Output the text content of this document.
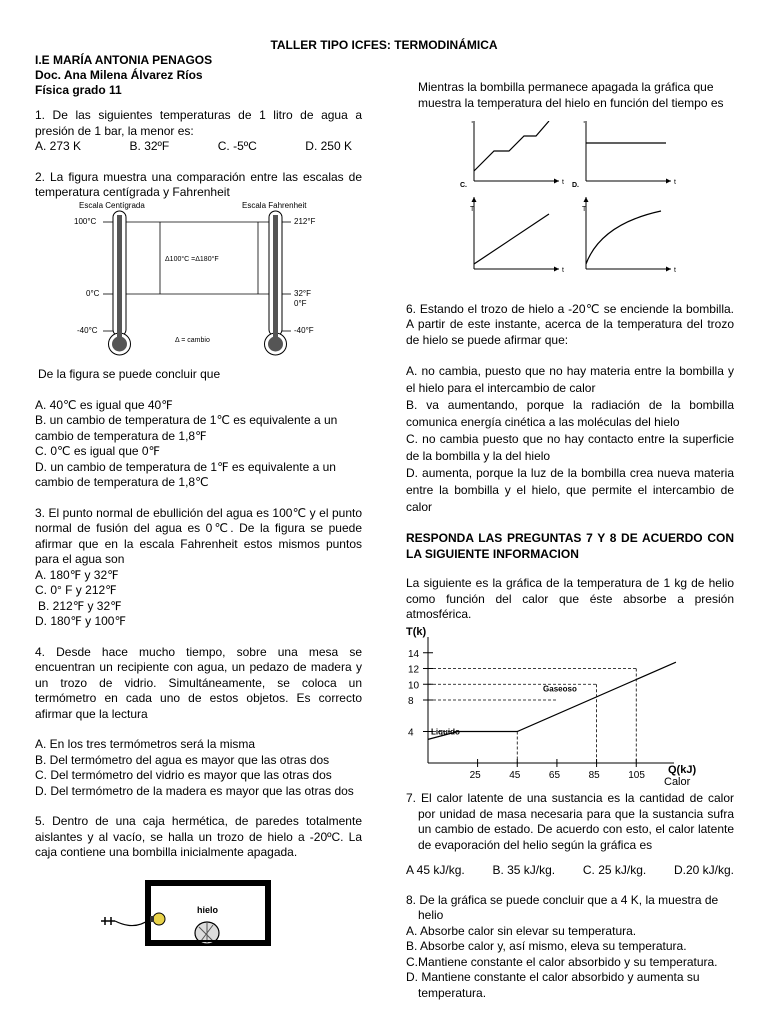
TALLER TIPO ICFES: TERMODINÁMICA
I.E MARÍA ANTONIA PENAGOS
Doc. Ana Milena Álvarez Ríos
Física grado 11

1. De las siguientes temperaturas de 1 litro de agua a presión de 1 bar, la menor es:

A. 273 K	B. 32ºF	C. -5ºC	D. 250 K

2. La figura muestra una comparación entre las escalas de temperatura centígrada y Fahrenheit

Escala Centígrada	Escala Fahrenheit
100°C
0°C
-40°C
212°F
32°F
0°F
-40°F
Δ100°C =Δ180°F
Δ = cambio

De la figura se puede concluir que

A. 40℃ es igual que 40℉

B. un cambio de temperatura de 1℃ es equivalente a un cambio de temperatura de 1,8℉

C. 0℃ es igual que 0℉

D. un cambio de temperatura de 1℉ es equivalente a un cambio de temperatura de 1,8℃

3. El punto normal de ebullición del agua es 100℃ y el punto normal de fusión del agua es 0℃. De la figura se puede afirmar que en la escala Fahrenheit estos mismos puntos para el agua son

A. 180℉ y 32℉

C. 0° F y 212℉

B. 212℉ y 32℉

D. 180℉ y 100℉

4. Desde hace mucho tiempo, sobre una mesa se encuentran un recipiente con agua, un pedazo de madera y un trozo de vidrio. Simultáneamente, se coloca un termómetro en cada uno de estos objetos. Es correcto afirmar que la lectura

A. En los tres termómetros será la misma

B. Del termómetro del agua es mayor que las otras dos

C. Del termómetro del vidrio es mayor que las otras dos

D. Del termómetro de la madera es mayor que las otras dos

5. Dentro de una caja hermética, de paredes totalmente aislantes y al vacío, se halla un trozo de hielo a -20ºC. La caja contiene una bombilla inicialmente apagada.

hielo

Mientras la bombilla permanece apagada la gráfica que muestra la temperatura del hielo en función del tiempo es

T
t
T
t
C.
T
t
D.
T
t

6. Estando el trozo de hielo a -20℃ se enciende la bombilla. A partir de este instante, acerca de la temperatura del trozo de hielo se puede afirmar que:

A. no cambia, puesto que no hay materia entre la bombilla y el hielo para el intercambio de calor

B. va aumentando, porque la radiación de la bombilla comunica energía cinética a las moléculas del hielo

C. no cambia puesto que no hay contacto entre la superficie de la bombilla y la del hielo

D. aumenta, porque la luz de la bombilla crea nueva materia entre la bombilla y el hielo, que permite el intercambio de calor

RESPONDA LAS PREGUNTAS 7 Y 8 DE ACUERDO CON LA SIGUIENTE INFORMACION

La siguiente es la gráfica de la temperatura de 1 kg de helio como función del calor que éste absorbe a presión atmosférica.

T(k)
Q(kJ)
Calor
4
8
10
12
14
25	45	65	85	105
Liquido
Gaseoso

7. El calor latente de una sustancia es la cantidad de calor por unidad de masa necesaria para que la sustancia sufra un cambio de estado. De acuerdo con esto, el calor latente de evaporación del helio según la gráfica es

A 45 kJ/kg. B. 35 kJ/kg. C. 25 kJ/kg. D.20 kJ/kg.

8. De la gráfica se puede concluir que a 4 K, la muestra de helio

A. Absorbe calor sin elevar su temperatura.

B. Absorbe calor y, así mismo, eleva su temperatura.

C.Mantiene constante el calor absorbido y su temperatura.

D. Mantiene constante el calor absorbido y aumenta su temperatura.
